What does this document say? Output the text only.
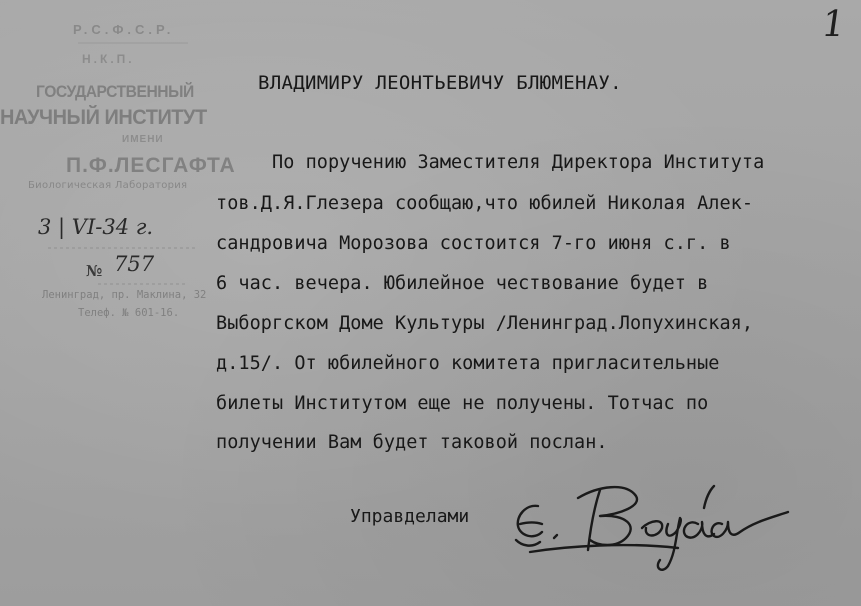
1
Р.С.Ф.С.Р.
Н.К.П.
ГОСУДАРСТВЕННЫЙ
НАУЧНЫЙ ИНСТИТУТ
ИМЕНИ
П.Ф.ЛЕСГАФТА
Биологическая Лаборатория
Ленинград, пр. Маклина, 32
Телеф. № 601-16.
3 | VI-34 г.
№ 757
ВЛАДИМИРУ ЛЕОНТЬЕВИЧУ БЛЮМЕНАУ.
По поручению Заместителя Директора Института
тов.Д.Я.Глезера сообщаю,что юбилей Николая Алек-
сандровича Морозова состоится 7-го июня с.г. в
6 час. вечера. Юбилейное чествование будет в
Выборгском Доме Культуры /Ленинград.Лопухинская,
д.15/. От юбилейного комитета пригласительные
билеты Институтом еще не получены. Тотчас по
получении Вам будет таковой послан.
Управделами
